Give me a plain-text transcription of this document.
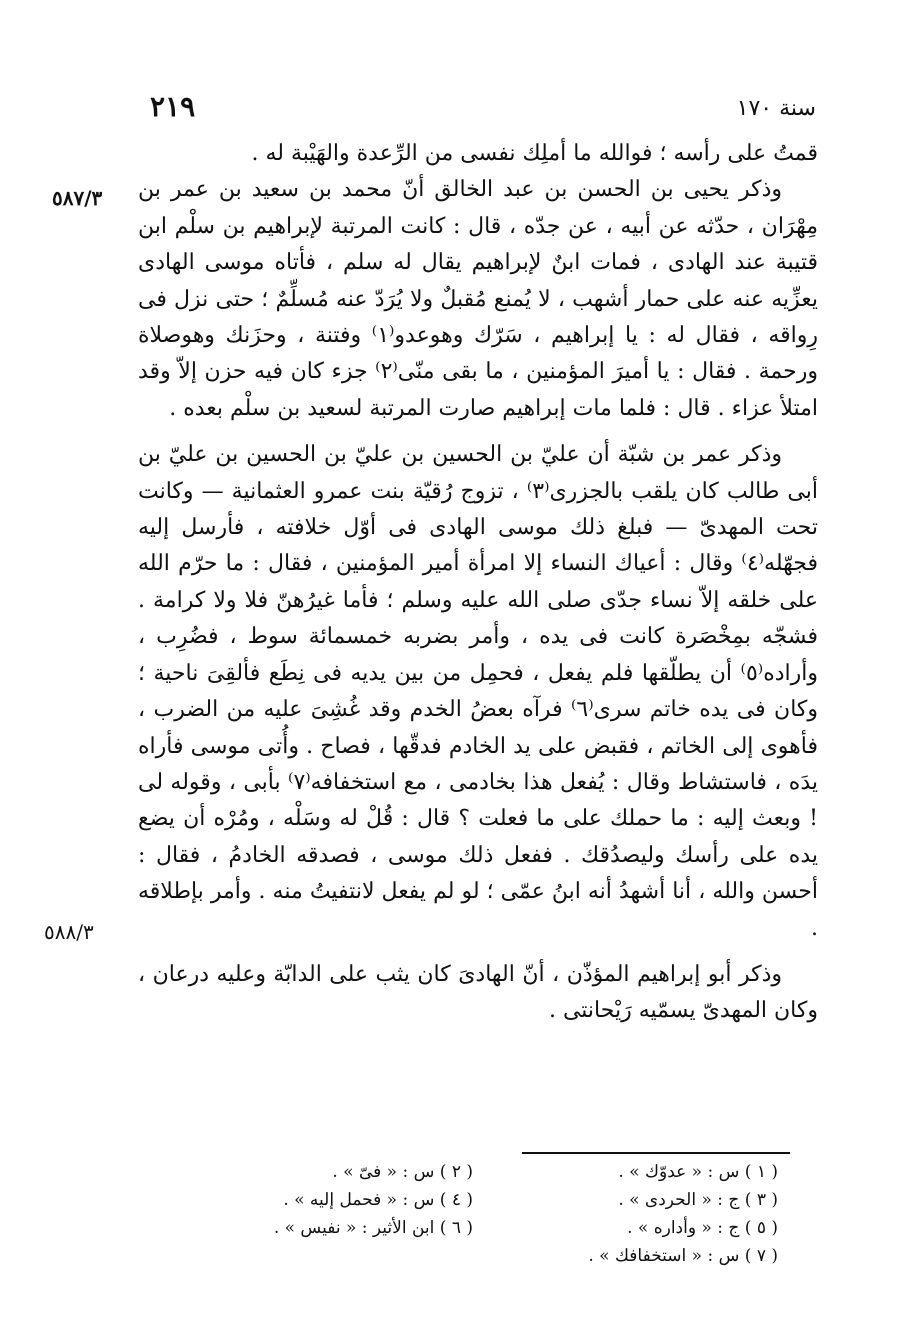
٢١٩	سنة ١٧٠
٥٨٧/٣
٥٨٨/٣

قمتُ على رأسه ؛ فوالله ما أملِك نفسى من الرِّعدة والهَيْبة له .

وذكر يحيى بن الحسن بن عبد الخالق أنّ محمد بن سعيد بن عمر بن مِهْرَان ، حدّثه عن أبيه ، عن جدّه ، قال : كانت المرتبة لإبراهيم بن سلْم ابن قتيبة عند الهادى ، فمات ابنٌ لإبراهيم يقال له سلم ، فأتاه موسى الهادى يعزِّيه عنه على حمار أشهب ، لا يُمنع مُقبلٌ ولا يُرَدّ عنه مُسلِّمٌ ؛ حتى نزل فى رِواقه ، فقال له : يا إبراهيم ، سَرّك وهوعدو⁽١⁾ وفتنة ، وحزَنك وهوصلاة ورحمة . فقال : يا أميرَ المؤمنين ، ما بقى منّى⁽٢⁾ جزء كان فيه حزن إلاّ وقد امتلأ عزاء . قال : فلما مات إبراهيم صارت المرتبة لسعيد بن سلْم بعده .

وذكر عمر بن شبّة أن عليّ بن الحسين بن عليّ بن الحسين بن عليّ بن أبى طالب كان يلقب بالجزرى⁽٣⁾ ، تزوج رُقيّة بنت عمرو العثمانية — وكانت تحت المهدىّ — فبلغ ذلك موسى الهادى فى أوّل خلافته ، فأرسل إليه فجهّله⁽٤⁾ وقال : أعياك النساء إلا امرأة أمير المؤمنين ، فقال : ما حرّم الله على خلقه إلاّ نساء جدّى صلى الله عليه وسلم ؛ فأما غيرُهنّ فلا ولا كرامة . فشجّه بمِخْصَرة كانت فى يده ، وأمر بضربه خمسمائة سوط ، فضُرِب ، وأراده⁽٥⁾ أن يطلّقها فلم يفعل ، فحمِل من بين يديه فى نِطَع فألقِىَ ناحية ؛ وكان فى يده خاتم سرى⁽٦⁾ فرآه بعضُ الخدم وقد غُشِىَ عليه من الضرب ، فأهوى إلى الخاتم ، فقبض على يد الخادم فدقّها ، فصاح . وأُتى موسى فأراه يدَه ، فاستشاط وقال : يُفعل هذا بخادمى ، مع استخفافه⁽٧⁾ بأبى ، وقوله لى ! وبعث إليه : ما حملك على ما فعلت ؟ قال : قُلْ له وسَلْه ، ومُرْه أن يضع يده على رأسك وليصدُقك . ففعل ذلك موسى ، فصدقه الخادمُ ، فقال : أحسن والله ، أنا أشهدُ أنه ابنُ عمّى ؛ لو لم يفعل لانتفيتُ منه . وأمر بإطلاقه .

وذكر أبو إبراهيم المؤذّن ، أنّ الهادىَ كان يثب على الدابّة وعليه درعان ، وكان المهدىّ يسمّيه رَيْحانتى .

( ١ ) س : « عدوّك » .
( ٣ ) ج : « الحردى » .
( ٥ ) ج : « وأداره » .
( ٧ ) س : « استخفافك » .
( ٢ ) س : « فىّ » .
( ٤ ) س : « فحمل إليه » .
( ٦ ) ابن الأثير : « نفيس » .
